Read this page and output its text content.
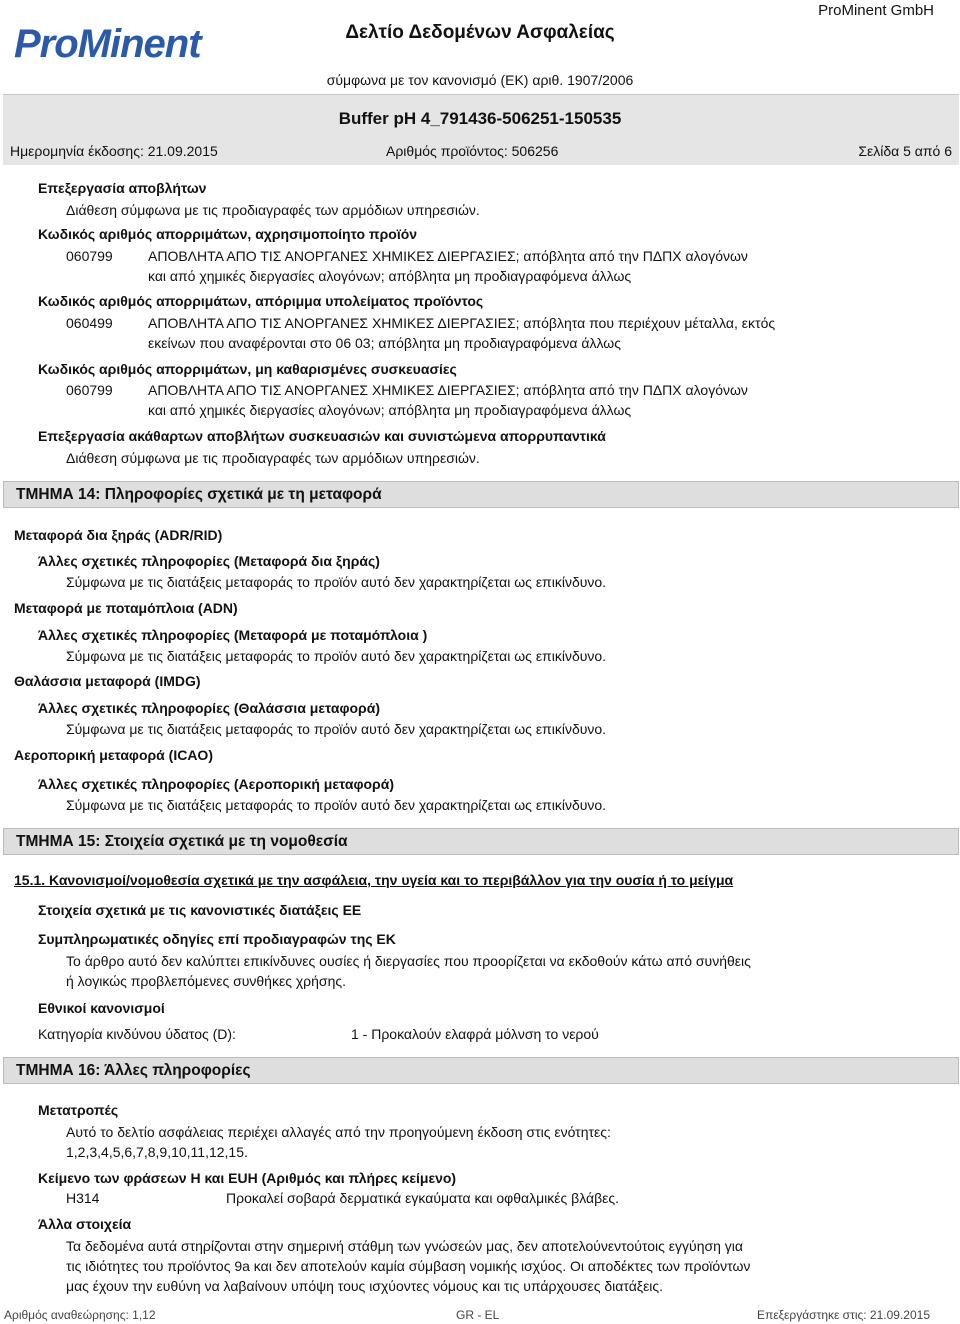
ProMinent	Δελτίο Δεδομένων Ασφαλείας
ProMinent GmbH
σύμφωνα με τον κανονισμό (ΕΚ) αριθ. 1907/2006
Buffer pH 4_791436-506251-150535
Ημερομηνία έκδοσης: 21.09.2015	Αριθμός προϊόντος: 506256	Σελίδα 5 από 6
Επεξεργασία αποβλήτων
Διάθεση σύμφωνα με τις προδιαγραφές των αρμόδιων υπηρεσιών.
Κωδικός αριθμός απορριμάτων, αχρησιμοποίητο προϊόν
060799	ΑΠΟΒΛΗΤΑ ΑΠΟ ΤΙΣ ΑΝΟΡΓΑΝΕΣ ΧΗΜΙΚΕΣ ΔΙΕΡΓΑΣΙΕΣ; απόβλητα από την ΠΔΠΧ αλογόνων
και από χημικές διεργασίες αλογόνων; απόβλητα μη προδιαγραφόμενα άλλως
Κωδικός αριθμός απορριμάτων, απόριμμα υπολείματος προϊόντος
060499	ΑΠΟΒΛΗΤΑ ΑΠΟ ΤΙΣ ΑΝΟΡΓΑΝΕΣ ΧΗΜΙΚΕΣ ΔΙΕΡΓΑΣΙΕΣ; απόβλητα που περιέχουν μέταλλα, εκτός
εκείνων που αναφέρονται στο 06 03; απόβλητα μη προδιαγραφόμενα άλλως
Κωδικός αριθμός απορριμάτων, μη καθαρισμένες συσκευασίες
060799	ΑΠΟΒΛΗΤΑ ΑΠΟ ΤΙΣ ΑΝΟΡΓΑΝΕΣ ΧΗΜΙΚΕΣ ΔΙΕΡΓΑΣΙΕΣ; απόβλητα από την ΠΔΠΧ αλογόνων
και από χημικές διεργασίες αλογόνων; απόβλητα μη προδιαγραφόμενα άλλως
Επεξεργασία ακάθαρτων αποβλήτων συσκευασιών και συνιστώμενα απορρυπαντικά
Διάθεση σύμφωνα με τις προδιαγραφές των αρμόδιων υπηρεσιών.
ΤΜΗΜΑ 14: Πληροφορίες σχετικά με τη μεταφορά
Μεταφορά δια ξηράς (ADR/RID)
Άλλες σχετικές πληροφορίες (Μεταφορά δια ξηράς)
Σύμφωνα με τις διατάξεις μεταφοράς το προϊόν αυτό δεν χαρακτηρίζεται ως επικίνδυνο.
Μεταφορά με ποταμόπλοια (ADN)
Άλλες σχετικές πληροφορίες (Μεταφορά με ποταμόπλοια )
Σύμφωνα με τις διατάξεις μεταφοράς το προϊόν αυτό δεν χαρακτηρίζεται ως επικίνδυνο.
Θαλάσσια μεταφορά (IMDG)
Άλλες σχετικές πληροφορίες (Θαλάσσια μεταφορά)
Σύμφωνα με τις διατάξεις μεταφοράς το προϊόν αυτό δεν χαρακτηρίζεται ως επικίνδυνο.
Αεροπορική μεταφορά (ICAO)
Άλλες σχετικές πληροφορίες (Αεροπορική μεταφορά)
Σύμφωνα με τις διατάξεις μεταφοράς το προϊόν αυτό δεν χαρακτηρίζεται ως επικίνδυνο.
ΤΜΗΜΑ 15: Στοιχεία σχετικά με τη νομοθεσία
15.1. Κανονισμοί/νομοθεσία σχετικά με την ασφάλεια, την υγεία και το περιβάλλον για την ουσία ή το μείγμα
Στοιχεία σχετικά με τις κανονιστικές διατάξεις ΕΕ
Συμπληρωματικές οδηγίες επί προδιαγραφών της ΕΚ
Το άρθρο αυτό δεν καλύπτει επικίνδυνες ουσίες ή διεργασίες που προορίζεται να εκδοθούν κάτω από συνήθεις
ή λογικώς προβλεπόμενες συνθήκες χρήσης.
Εθνικοί κανονισμοί
Κατηγορία κινδύνου ύδατος (D):	1 - Προκαλούν ελαφρά μόλνση το νερού
ΤΜΗΜΑ 16: Άλλες πληροφορίες
Μετατροπές
Αυτό το δελτίο ασφάλειας περιέχει αλλαγές από την προηγούμενη έκδοση στις ενότητες:
1,2,3,4,5,6,7,8,9,10,11,12,15.
Κείμενο των φράσεων H και EUH (Αριθμός και πλήρες κείμενο)
H314	Προκαλεί σοβαρά δερματικά εγκαύματα και οφθαλμικές βλάβες.
Άλλα στοιχεία
Τα δεδομένα αυτά στηρίζονται στην σημερινή στάθμη των γνώσεών μας, δεν αποτελούνεντούτοις εγγύηση για
τις ιδιότητες του προϊόντος 9a και δεν αποτελούν καμία σύμβαση νομικής ισχύος. Οι αποδέκτες των προϊόντων
μας έχουν την ευθύνη να λαβαίνουν υπόψη τους ισχύοντες νόμους και τις υπάρχουσες διατάξεις.
Αριθμός αναθεώρησης: 1,12	GR - EL	Επεξεργάστηκε στις: 21.09.2015
